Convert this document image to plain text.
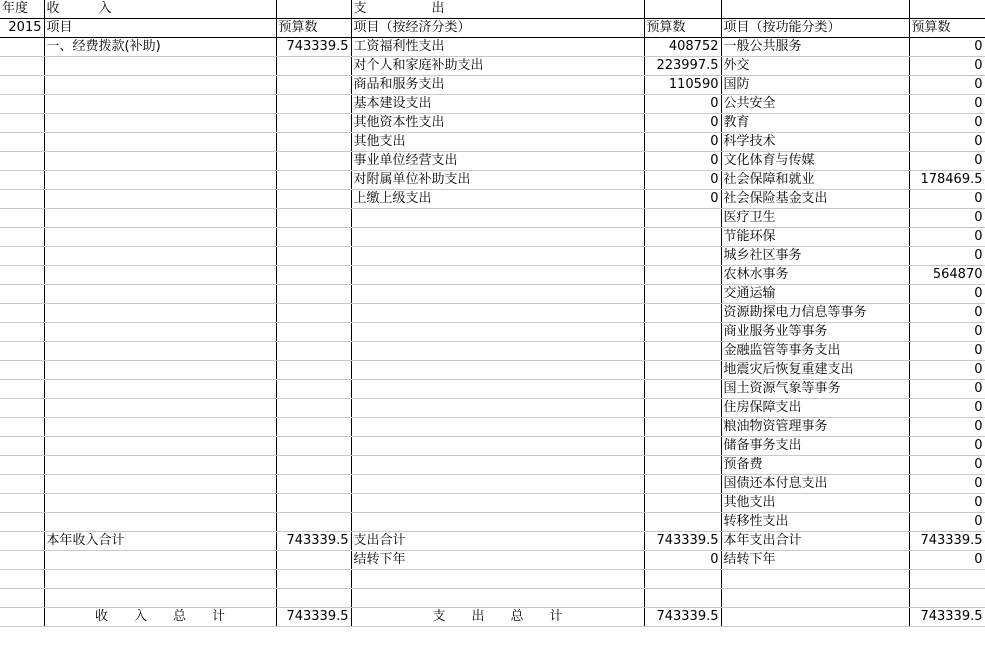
年度	收　　　入		支　　　　　出			
2015	项目	预算数	项目（按经济分类）	预算数	项目（按功能分类）	预算数
	一、经费拨款(补助)	743339.5	工资福利性支出	408752	一般公共服务	0
			对个人和家庭补助支出	223997.5	外交	0
			商品和服务支出	110590	国防	0
			基本建设支出	0	公共安全	0
			其他资本性支出	0	教育	0
			其他支出	0	科学技术	0
			事业单位经营支出	0	文化体育与传媒	0
			对附属单位补助支出	0	社会保障和就业	178469.5
			上缴上级支出	0	社会保险基金支出	0
					医疗卫生	0
					节能环保	0
					城乡社区事务	0
					农林水事务	564870
					交通运输	0
					资源勘探电力信息等事务	0
					商业服务业等事务	0
					金融监管等事务支出	0
					地震灾后恢复重建支出	0
					国土资源气象等事务	0
					住房保障支出	0
					粮油物资管理事务	0
					储备事务支出	0
					预备费	0
					国债还本付息支出	0
					其他支出	0
					转移性支出	0
	本年收入合计	743339.5	支出合计	743339.5	本年支出合计	743339.5
			结转下年	0	结转下年	0

	收　　入　　总　　计	743339.5	支　　出　　总　　计	743339.5		743339.5
